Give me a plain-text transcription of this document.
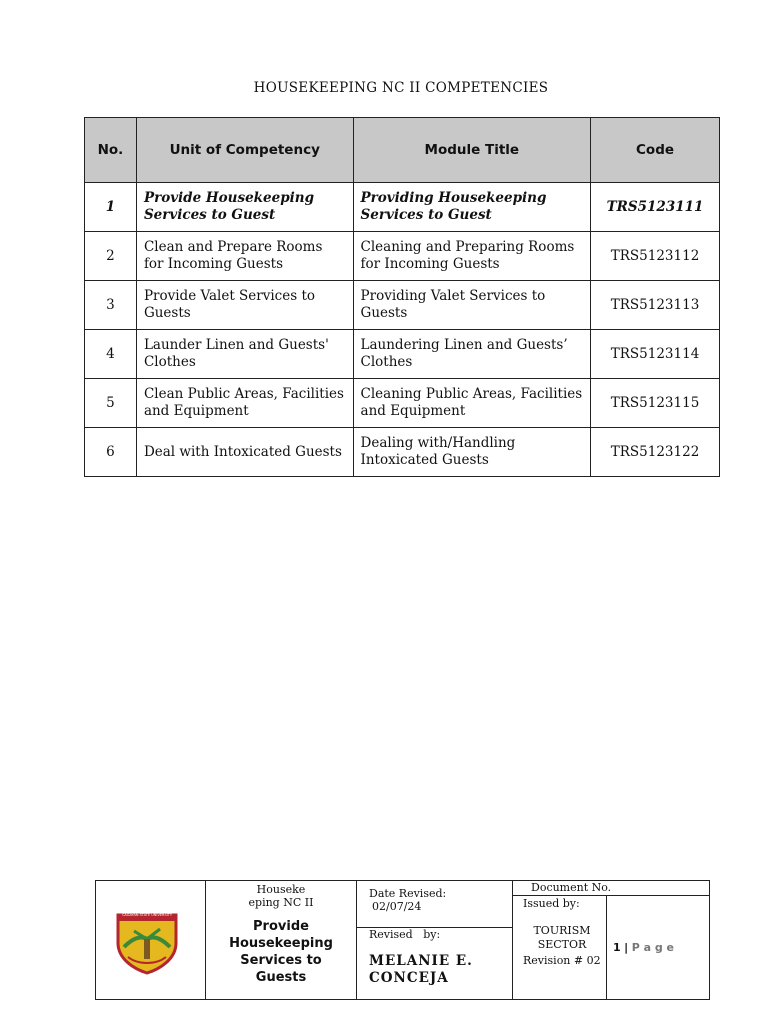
HOUSEKEEPING NC II COMPETENCIES
No.	Unit of Competency	Module Title	Code
1	Provide Housekeeping Services to Guest	Providing Housekeeping Services to Guest	TRS5123111
2	Clean and Prepare Rooms for Incoming Guests	Cleaning and Preparing Rooms for Incoming Guests	TRS5123112
3	Provide Valet Services to Guests	Providing Valet Services to Guests	TRS5123113
4	Launder Linen and Guests' Clothes	Laundering Linen and Guests’ Clothes	TRS5123114
5	Clean Public Areas, Facilities and Equipment	Cleaning Public Areas, Facilities and Equipment	TRS5123115
6	Deal with Intoxicated Guests	Dealing with/Handling Intoxicated Guests	TRS5123122
CAGAYAN STATE UNIVERSITY
Houseke
eping NC II
Provide Housekeeping Services to Guests
Date Revised:
02/07/24
Revised   by:
MELANIE E. CONCEJA
Document No.
Issued by:
TOURISM SECTOR
Revision # 02
1 | P a g e
